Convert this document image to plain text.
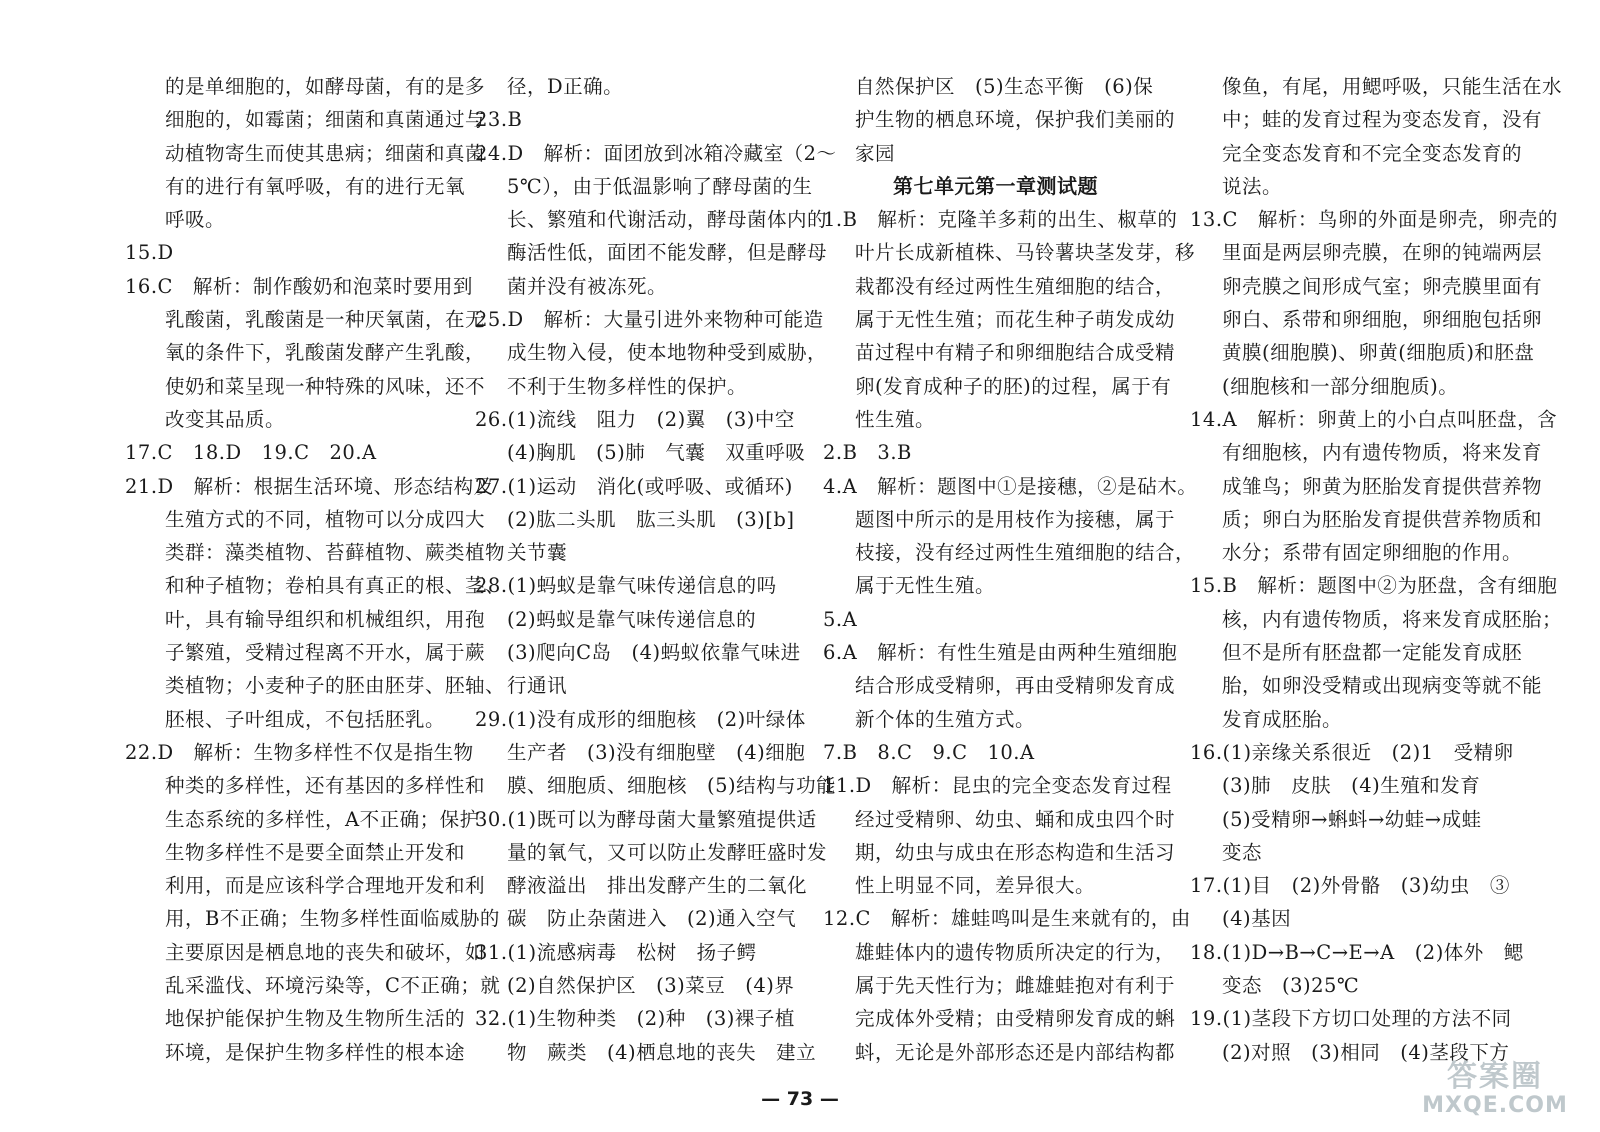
的是单细胞的，如酵母菌，有的是多
细胞的，如霉菌；细菌和真菌通过与
动植物寄生而使其患病；细菌和真菌
有的进行有氧呼吸，有的进行无氧
呼吸。
15.D
16.C　解析：制作酸奶和泡菜时要用到
乳酸菌，乳酸菌是一种厌氧菌，在无
氧的条件下，乳酸菌发酵产生乳酸，
使奶和菜呈现一种特殊的风味，还不
改变其品质。
17.C　18.D　19.C　20.A
21.D　解析：根据生活环境、形态结构及
生殖方式的不同，植物可以分成四大
类群：藻类植物、苔藓植物、蕨类植物
和种子植物；卷柏具有真正的根、茎、
叶，具有输导组织和机械组织，用孢
子繁殖，受精过程离不开水，属于蕨
类植物；小麦种子的胚由胚芽、胚轴、
胚根、子叶组成，不包括胚乳。
22.D　解析：生物多样性不仅是指生物
种类的多样性，还有基因的多样性和
生态系统的多样性，A不正确；保护
生物多样性不是要全面禁止开发和
利用，而是应该科学合理地开发和利
用，B不正确；生物多样性面临威胁的
主要原因是栖息地的丧失和破坏，如
乱采滥伐、环境污染等，C不正确；就
地保护能保护生物及生物所生活的
环境，是保护生物多样性的根本途
径，D正确。
23.B
24.D　解析：面团放到冰箱冷藏室（2～
5℃），由于低温影响了酵母菌的生
长、繁殖和代谢活动，酵母菌体内的
酶活性低，面团不能发酵，但是酵母
菌并没有被冻死。
25.D　解析：大量引进外来物种可能造
成生物入侵，使本地物种受到威胁，
不利于生物多样性的保护。
26.(1)流线　阻力　(2)翼　(3)中空
(4)胸肌　(5)肺　气囊　双重呼吸
27.(1)运动　消化(或呼吸、或循环)
(2)肱二头肌　肱三头肌　(3)[b]
关节囊
28.(1)蚂蚁是靠气味传递信息的吗
(2)蚂蚁是靠气味传递信息的
(3)爬向C岛　(4)蚂蚁依靠气味进
行通讯
29.(1)没有成形的细胞核　(2)叶绿体
生产者　(3)没有细胞壁　(4)细胞
膜、细胞质、细胞核　(5)结构与功能
30.(1)既可以为酵母菌大量繁殖提供适
量的氧气，又可以防止发酵旺盛时发
酵液溢出　排出发酵产生的二氧化
碳　防止杂菌进入　(2)通入空气
31.(1)流感病毒　松树　扬子鳄
(2)自然保护区　(3)菜豆　(4)界
32.(1)生物种类　(2)种　(3)裸子植
物　蕨类　(4)栖息地的丧失　建立
自然保护区　(5)生态平衡　(6)保
护生物的栖息环境，保护我们美丽的
家园
第七单元第一章测试题
1.B　解析：克隆羊多莉的出生、椒草的
叶片长成新植株、马铃薯块茎发芽，移
栽都没有经过两性生殖细胞的结合，
属于无性生殖；而花生种子萌发成幼
苗过程中有精子和卵细胞结合成受精
卵(发育成种子的胚)的过程，属于有
性生殖。
2.B　3.B
4.A　解析：题图中①是接穗，②是砧木。
题图中所示的是用枝作为接穗，属于
枝接，没有经过两性生殖细胞的结合，
属于无性生殖。
5.A
6.A　解析：有性生殖是由两种生殖细胞
结合形成受精卵，再由受精卵发育成
新个体的生殖方式。
7.B　8.C　9.C　10.A
11.D　解析：昆虫的完全变态发育过程
经过受精卵、幼虫、蛹和成虫四个时
期，幼虫与成虫在形态构造和生活习
性上明显不同，差异很大。
12.C　解析：雄蛙鸣叫是生来就有的，由
雄蛙体内的遗传物质所决定的行为，
属于先天性行为；雌雄蛙抱对有利于
完成体外受精；由受精卵发育成的蝌
蚪，无论是外部形态还是内部结构都
像鱼，有尾，用鳃呼吸，只能生活在水
中；蛙的发育过程为变态发育，没有
完全变态发育和不完全变态发育的
说法。
13.C　解析：鸟卵的外面是卵壳，卵壳的
里面是两层卵壳膜，在卵的钝端两层
卵壳膜之间形成气室；卵壳膜里面有
卵白、系带和卵细胞，卵细胞包括卵
黄膜(细胞膜)、卵黄(细胞质)和胚盘
(细胞核和一部分细胞质)。
14.A　解析：卵黄上的小白点叫胚盘，含
有细胞核，内有遗传物质，将来发育
成雏鸟；卵黄为胚胎发育提供营养物
质；卵白为胚胎发育提供营养物质和
水分；系带有固定卵细胞的作用。
15.B　解析：题图中②为胚盘，含有细胞
核，内有遗传物质，将来发育成胚胎；
但不是所有胚盘都一定能发育成胚
胎，如卵没受精或出现病变等就不能
发育成胚胎。
16.(1)亲缘关系很近　(2)1　受精卵
(3)肺　皮肤　(4)生殖和发育
(5)受精卵→蝌蚪→幼蛙→成蛙
变态
17.(1)目　(2)外骨骼　(3)幼虫　③
(4)基因
18.(1)D→B→C→E→A　(2)体外　鳃
变态　(3)25℃
19.(1)茎段下方切口处理的方法不同
(2)对照　(3)相同　(4)茎段下方
— 73 —
答案圈
MXQE.COM
